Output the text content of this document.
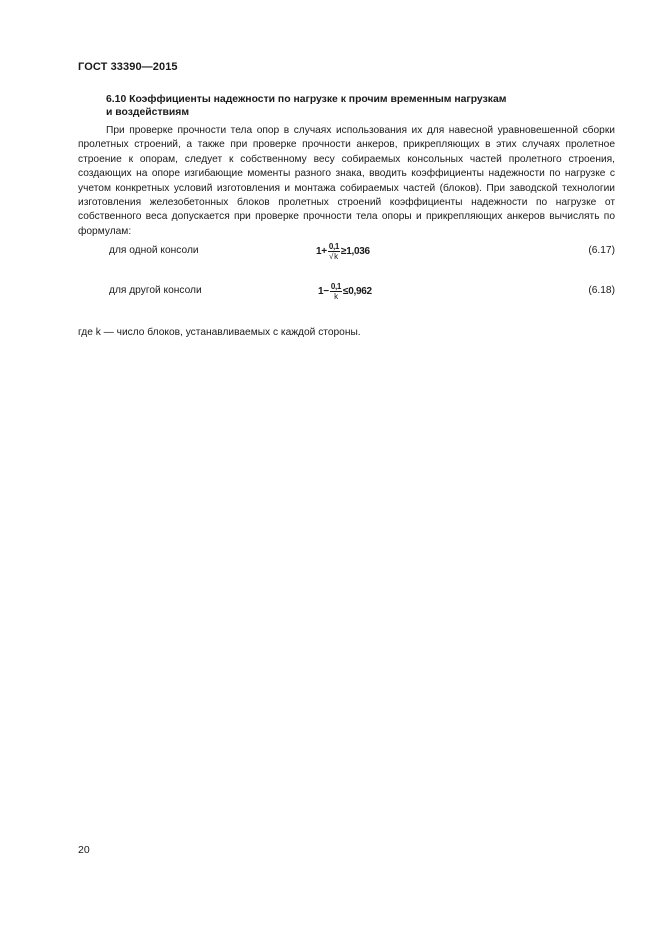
ГОСТ 33390—2015
6.10 Коэффициенты надежности по нагрузке к прочим временным нагрузкам
и воздействиям

При проверке прочности тела опор в случаях использования их для навесной уравновешенной сборки пролетных строений, а также при проверке прочности анкеров, прикрепляющих в этих случаях пролетное строение к опорам, следует к собственному весу собираемых консольных частей пролетного строения, создающих на опоре изгибающие моменты разного знака, вводить коэффициенты надежности по нагрузке с учетом конкретных условий изготовления и монтажа собираемых частей (блоков). При заводской технологии изготовления железобетонных блоков пролетных строений коэффициенты надежности по нагрузке от собственного веса допускается при проверке прочности тела опоры и прикрепляющих анкеров вычислять по формулам:

для одной консоли	$1+ \frac{0,1}{√k} \ge 1,036$	(6.17)
для другой консоли	$1- \frac{0,1}{k} \le 0,962$	(6.18)
где k — число блоков, устанавливаемых с каждой стороны.
20
